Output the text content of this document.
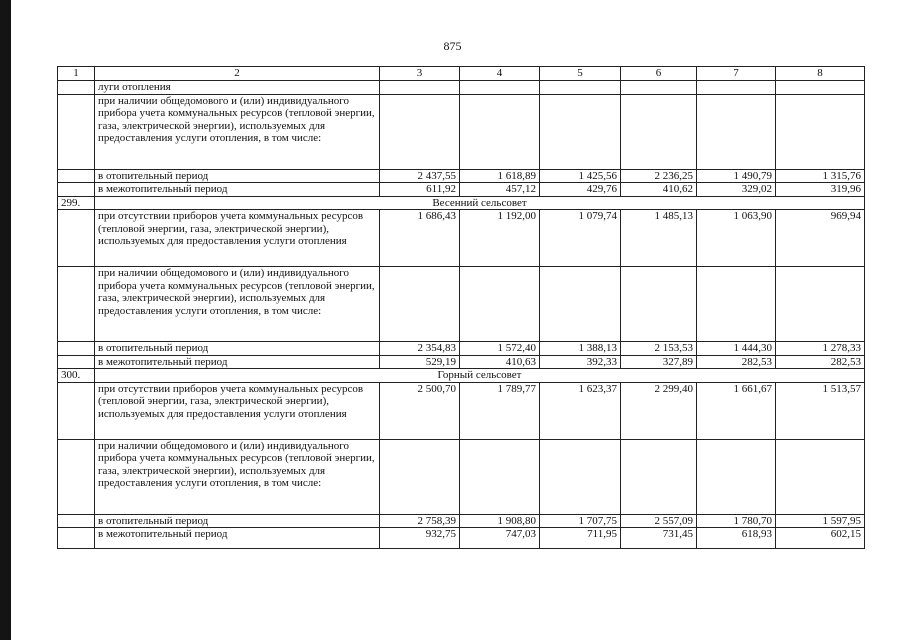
875
1	2	3	4	5	6	7	8
	луги отопления						
	при наличии общедомового и (или) индивидуального прибора учета коммунальных ресурсов (тепловой энергии, газа, электрической энергии), используемых для предоставления услуги отопления, в том числе:						
	в отопительный период	2 437,55	1 618,89	1 425,56	2 236,25	1 490,79	1 315,76
	в межотопительный период	611,92	457,12	429,76	410,62	329,02	319,96
299.	Весенний сельсовет						
	при отсутствии приборов учета коммунальных ресурсов (тепловой энергии, газа, электрической энергии), используемых для предоставления услуги отопления	1 686,43	1 192,00	1 079,74	1 485,13	1 063,90	969,94
	при наличии общедомового и (или) индивидуального прибора учета коммунальных ресурсов (тепловой энергии, газа, электрической энергии), используемых для предоставления услуги отопления, в том числе:						
	в отопительный период	2 354,83	1 572,40	1 388,13	2 153,53	1 444,30	1 278,33
	в межотопительный период	529,19	410,63	392,33	327,89	282,53	282,53
300.	Горный сельсовет						
	при отсутствии приборов учета коммунальных ресурсов (тепловой энергии, газа, электрической энергии), используемых для предоставления услуги отопления	2 500,70	1 789,77	1 623,37	2 299,40	1 661,67	1 513,57
	при наличии общедомового и (или) индивидуального прибора учета коммунальных ресурсов (тепловой энергии, газа, электрической энергии), используемых для предоставления услуги отопления, в том числе:						
	в отопительный период	2 758,39	1 908,80	1 707,75	2 557,09	1 780,70	1 597,95
	в межотопительный период	932,75	747,03	711,95	731,45	618,93	602,15
